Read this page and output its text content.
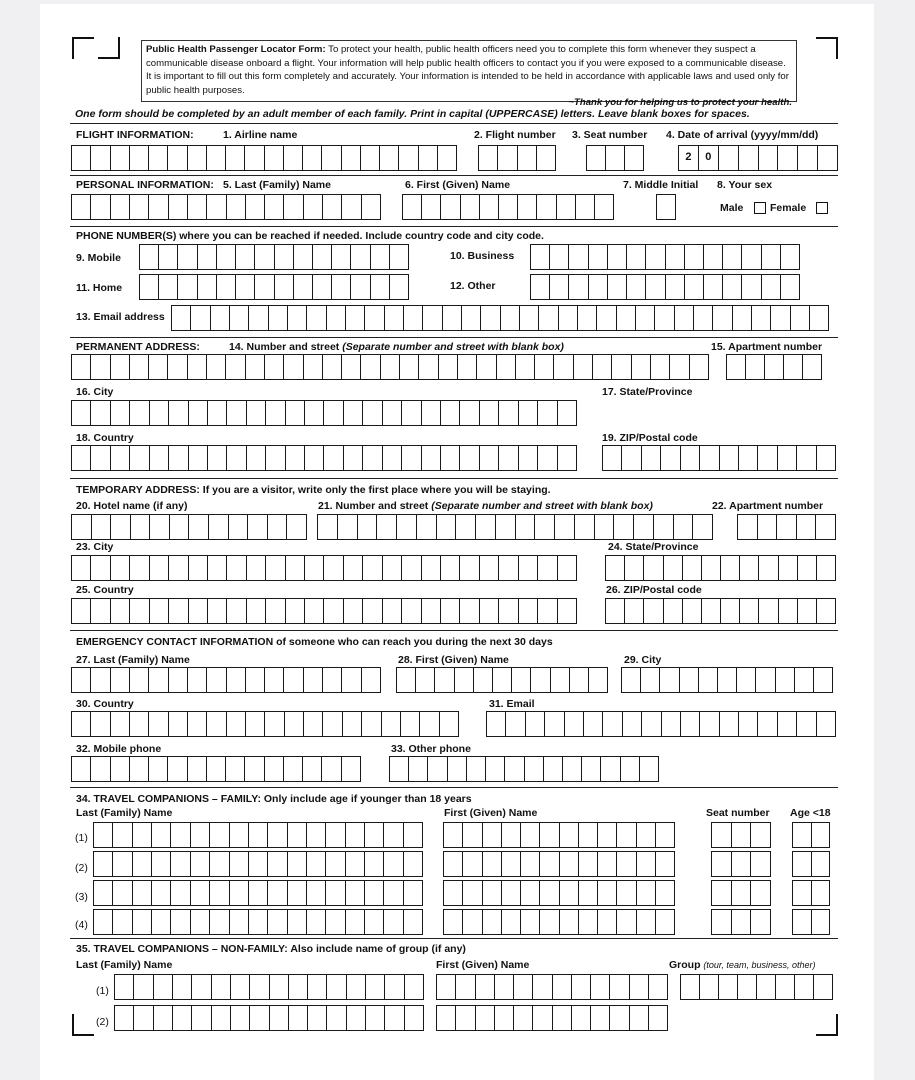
Public Health Passenger Locator Form: To protect your health, public health officers need you to complete this form whenever they suspect a communicable disease onboard a flight. Your information will help public health officers to contact you if you were exposed to a communicable disease. It is important to fill out this form completely and accurately. Your information is intended to be held in accordance with applicable laws and used only for public health purposes.
~Thank you for helping us to protect your health.
One form should be completed by an adult member of each family. Print in capital (UPPERCASE) letters. Leave blank boxes for spaces.
FLIGHT INFORMATION:	1. Airline name	2. Flight number 3. Seat number 4. Date of arrival (yyyy/mm/dd)
2	0
PERSONAL INFORMATION: 5. Last (Family) Name	6. First (Given) Name	7. Middle Initial 8. Your sex
Male	Female
PHONE NUMBER(S) where you can be reached if needed. Include country code and city code.
9. Mobile	10. Business
11. Home	12. Other
13. Email address
PERMANENT ADDRESS:	14. Number and street (Separate number and street with blank box)	15. Apartment number
16. City	17. State/Province
18. Country	19. ZIP/Postal code
TEMPORARY ADDRESS: If you are a visitor, write only the first place where you will be staying.
20. Hotel name (if any)	21. Number and street (Separate number and street with blank box)	22. Apartment number
23. City	24. State/Province
25. Country	26. ZIP/Postal code
EMERGENCY CONTACT INFORMATION of someone who can reach you during the next 30 days
27. Last (Family) Name	28. First (Given) Name	29. City
30. Country	31. Email
32. Mobile phone	33. Other phone
34. TRAVEL COMPANIONS – FAMILY: Only include age if younger than 18 years
Last (Family) Name	First (Given) Name	Seat number Age <18
(1)
(2)
(3)
(4)
35. TRAVEL COMPANIONS – NON-FAMILY: Also include name of group (if any)
Last (Family) Name	First (Given) Name	Group (tour, team, business, other)
(1)
(2)
